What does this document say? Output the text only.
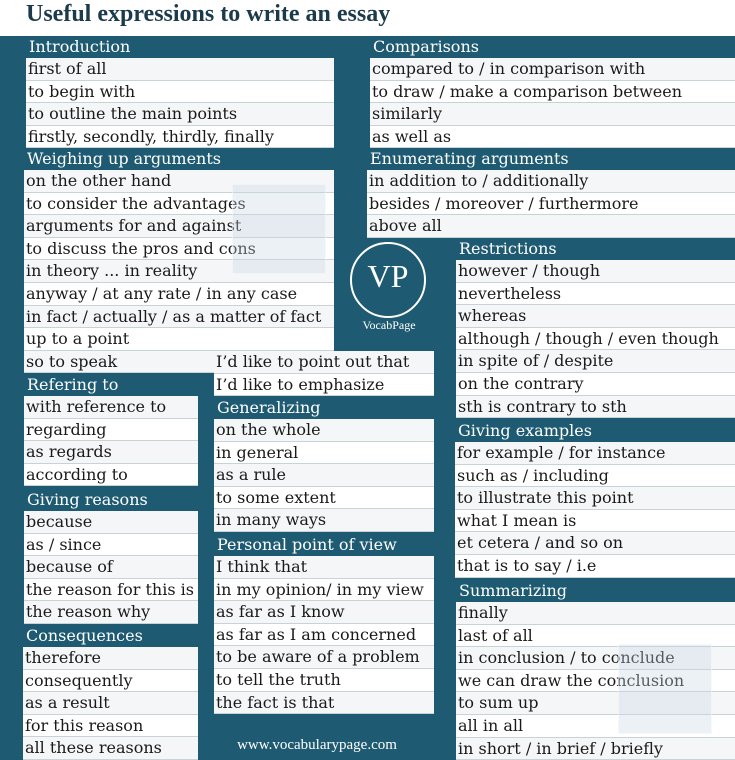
Useful expressions to write an essay
Introduction
first of all
to begin with
to outline the main points
firstly, secondly, thirdly, finally
Comparisons
compared to / in comparison with
to draw / make a comparison between
similarly
as well as
Weighing up arguments
on the other hand
to consider the advantages
arguments for and against
to discuss the pros and cons
in theory ... in reality
anyway / at any rate / in any case
in fact / actually / as a matter of fact
up to a point
so to speak
Enumerating arguments
in addition to / additionally
besides / moreover / furthermore
above all
Restrictions
however / though
nevertheless
whereas
although / though / even though
in spite of / despite
on the contrary
sth is contrary to sth
Emphasizing
I’d like to point out that
I’d like to emphasize
Refering to
with reference to
regarding
as regards
according to
Generalizing
on the whole
in general
as a rule
to some extent
in many ways
Giving examples
for example / for instance
such as / including
to illustrate this point
what I mean is
et cetera / and so on
that is to say / i.e
Giving reasons
because
as / since
because of
the reason for this is
the reason why
Personal point of view
I think that
in my opinion/ in my view
as far as I know
as far as I am concerned
to be aware of a problem
to tell the truth
the fact is that
Consequences
therefore
consequently
as a result
for this reason
all these reasons
Summarizing
finally
last of all
in conclusion / to conclude
we can draw the conclusion
to sum up
all in all
in short / in brief / briefly
VP
VocabPage
www.vocabularypage.com
